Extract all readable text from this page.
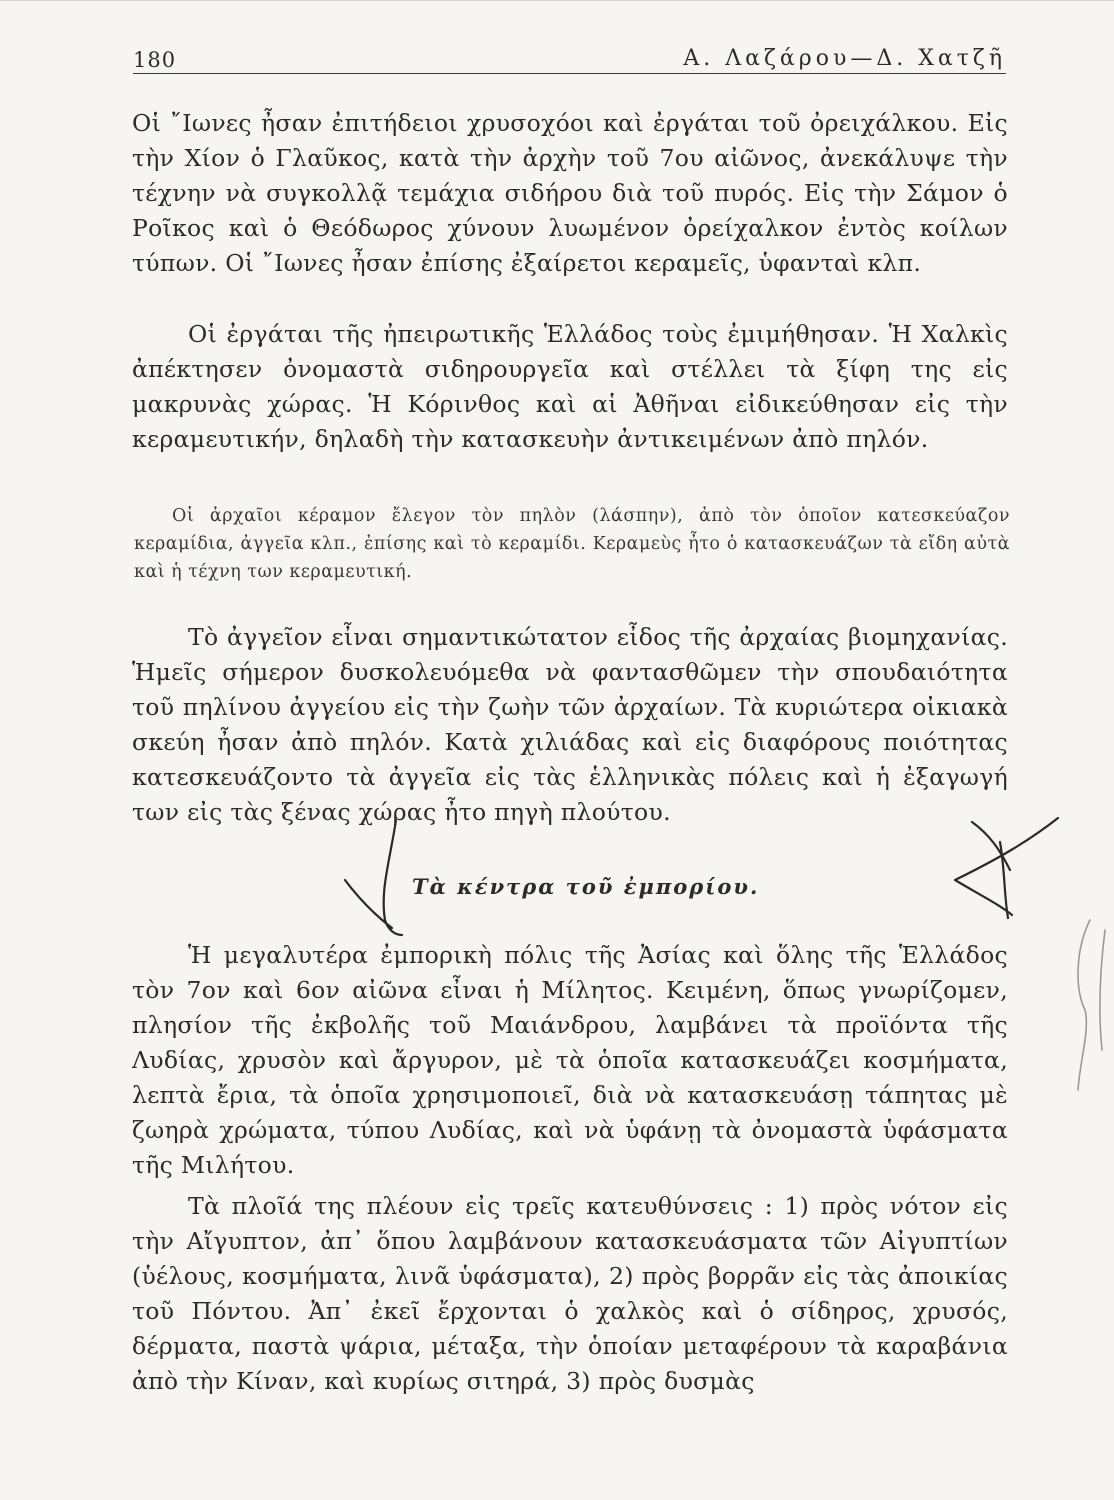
180	Α. Λαζάρου—Δ. Χατζῆ

Οἱ ῎Ιωνες ἦσαν ἐπιτήδειοι χρυσοχόοι καὶ ἐργάται τοῦ ὀρειχάλκου. Εἰς τὴν Χίον ὁ Γλαῦκος, κατὰ τὴν ἀρχὴν τοῦ 7ου αἰῶνος, ἀνεκάλυψε τὴν τέχνην νὰ συγκολλᾷ τεμάχια σιδήρου διὰ τοῦ πυρός. Εἰς τὴν Σάμον ὁ Ροῖκος καὶ ὁ Θεόδωρος χύνουν λυωμένον ὀρείχαλκον ἐντὸς κοίλων τύπων. Οἱ ῎Ιωνες ἦσαν ἐπίσης ἐξαίρετοι κεραμεῖς, ὑφανταὶ κλπ.

Οἱ ἐργάται τῆς ἠπειρωτικῆς Ἑλλάδος τοὺς ἐμιμήθησαν. Ἡ Χαλκὶς ἀπέκτησεν ὀνομαστὰ σιδηρουργεῖα καὶ στέλλει τὰ ξίφη της εἰς μακρυνὰς χώρας. Ἡ Κόρινθος καὶ αἱ Ἀθῆναι εἰδικεύθησαν εἰς τὴν κεραμευτικήν, δηλαδὴ τὴν κατασκευὴν ἀντικειμένων ἀπὸ πηλόν.

Οἱ ἀρχαῖοι κέραμον ἔλεγον τὸν πηλὸν (λάσπην), ἀπὸ τὸν ὁποῖον κατεσκεύαζον κεραμίδια, ἀγγεῖα κλπ., ἐπίσης καὶ τὸ κεραμίδι. Κεραμεὺς ἦτο ὁ κατασκευάζων τὰ εἴδη αὐτὰ καὶ ἡ τέχνη των κεραμευτική.

Τὸ ἀγγεῖον εἶναι σημαντικώτατον εἶδος τῆς ἀρχαίας βιομηχανίας. Ἡμεῖς σήμερον δυσκολευόμεθα νὰ φαντασθῶμεν τὴν σπουδαιότητα τοῦ πηλίνου ἀγγείου εἰς τὴν ζωὴν τῶν ἀρχαίων. Τὰ κυριώτερα οἰκιακὰ σκεύη ἦσαν ἀπὸ πηλόν. Κατὰ χιλιάδας καὶ εἰς διαφόρους ποιότητας κατεσκευάζοντο τὰ ἀγγεῖα εἰς τὰς ἑλληνικὰς πόλεις καὶ ἡ ἐξαγωγή των εἰς τὰς ξένας χώρας ἦτο πηγὴ πλούτου.

Τὰ κέντρα τοῦ ἐμπορίου.

Ἡ μεγαλυτέρα ἐμπορικὴ πόλις τῆς Ἀσίας καὶ ὅλης τῆς Ἑλλάδος τὸν 7ον καὶ 6ον αἰῶνα εἶναι ἡ Μίλητος. Κειμένη, ὅπως γνωρίζομεν, πλησίον τῆς ἐκβολῆς τοῦ Μαιάνδρου, λαμβάνει τὰ προϊόντα τῆς Λυδίας, χρυσὸν καὶ ἄργυρον, μὲ τὰ ὁποῖα κατασκευάζει κοσμήματα, λεπτὰ ἔρια, τὰ ὁποῖα χρησιμοποιεῖ, διὰ νὰ κατασκευάσῃ τάπητας μὲ ζωηρὰ χρώματα, τύπου Λυδίας, καὶ νὰ ὑφάνῃ τὰ ὀνομαστὰ ὑφάσματα τῆς Μιλήτου.

Τὰ πλοῖά της πλέουν εἰς τρεῖς κατευθύνσεις : 1) πρὸς νότον εἰς τὴν Αἴγυπτον, ἀπ᾿ ὅπου λαμβάνουν κατασκευάσματα τῶν Αἰγυπτίων (ὑέλους, κοσμήματα, λινᾶ ὑφάσματα), 2) πρὸς βορρᾶν εἰς τὰς ἀποικίας τοῦ Πόντου. Ἀπ᾿ ἐκεῖ ἔρχονται ὁ χαλκὸς καὶ ὁ σίδηρος, χρυσός, δέρματα, παστὰ ψάρια, μέταξα, τὴν ὁποίαν μεταφέρουν τὰ καραβάνια ἀπὸ τὴν Κίναν, καὶ κυρίως σιτηρά, 3) πρὸς δυσμὰς
